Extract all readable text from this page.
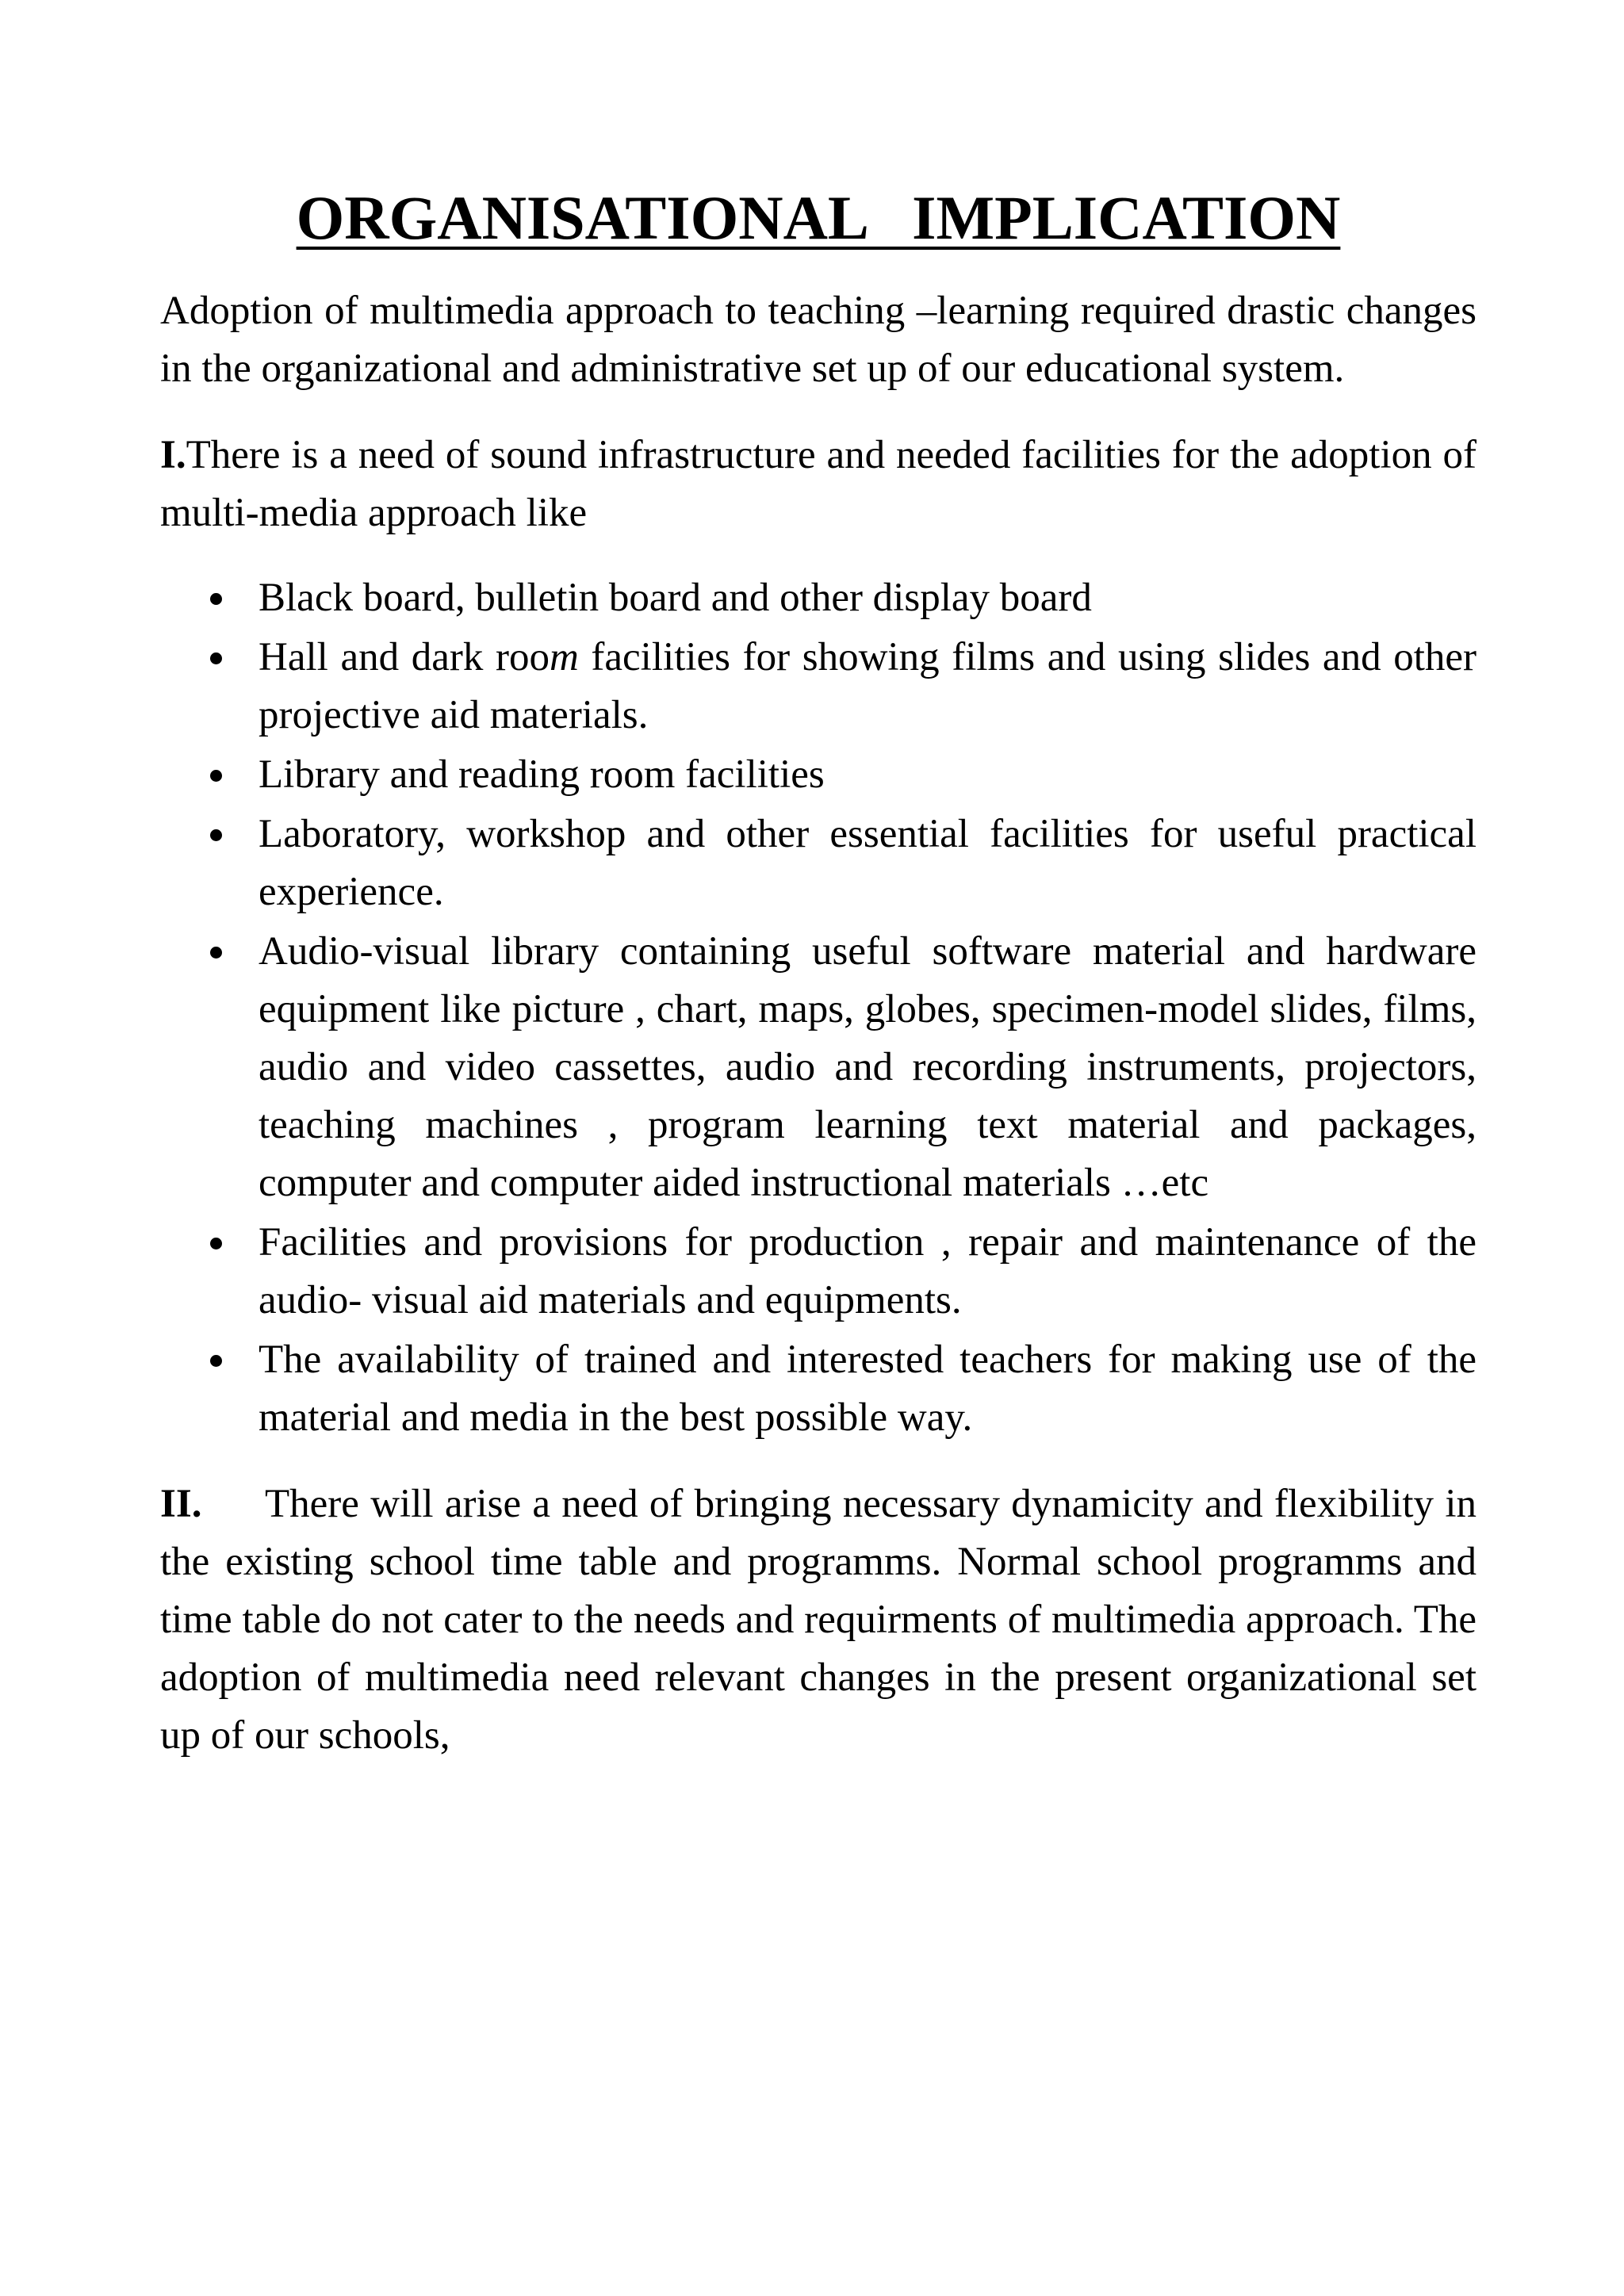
ORGANISATIONAL   IMPLICATION

Adoption of multimedia approach to teaching –learning required drastic changes in the organizational and administrative set up of our educational system.

I.There is a need of sound infrastructure and needed facilities for the adoption of multi-media approach like

Black board, bulletin board and other display board
Hall and dark room facilities for showing films and using slides and other projective aid materials.
Library and reading room facilities
Laboratory, workshop and other essential facilities for useful practical experience.
Audio-visual library containing useful software material and hardware equipment like picture , chart, maps, globes, specimen-model slides, films, audio and video cassettes, audio and recording instruments, projectors, teaching machines , program learning text material and packages, computer and computer aided instructional materials …etc
Facilities and provisions for production , repair and maintenance of the audio- visual aid materials and equipments.
The availability of trained and interested teachers for making use of the material and media in the best possible way.

II. There will arise a need of bringing necessary dynamicity and flexibility in the existing school time table and programms. Normal school programms and time table do not cater to the needs and requirments of multimedia approach. The adoption of multimedia need relevant changes in the present organizational set up of our schools,
